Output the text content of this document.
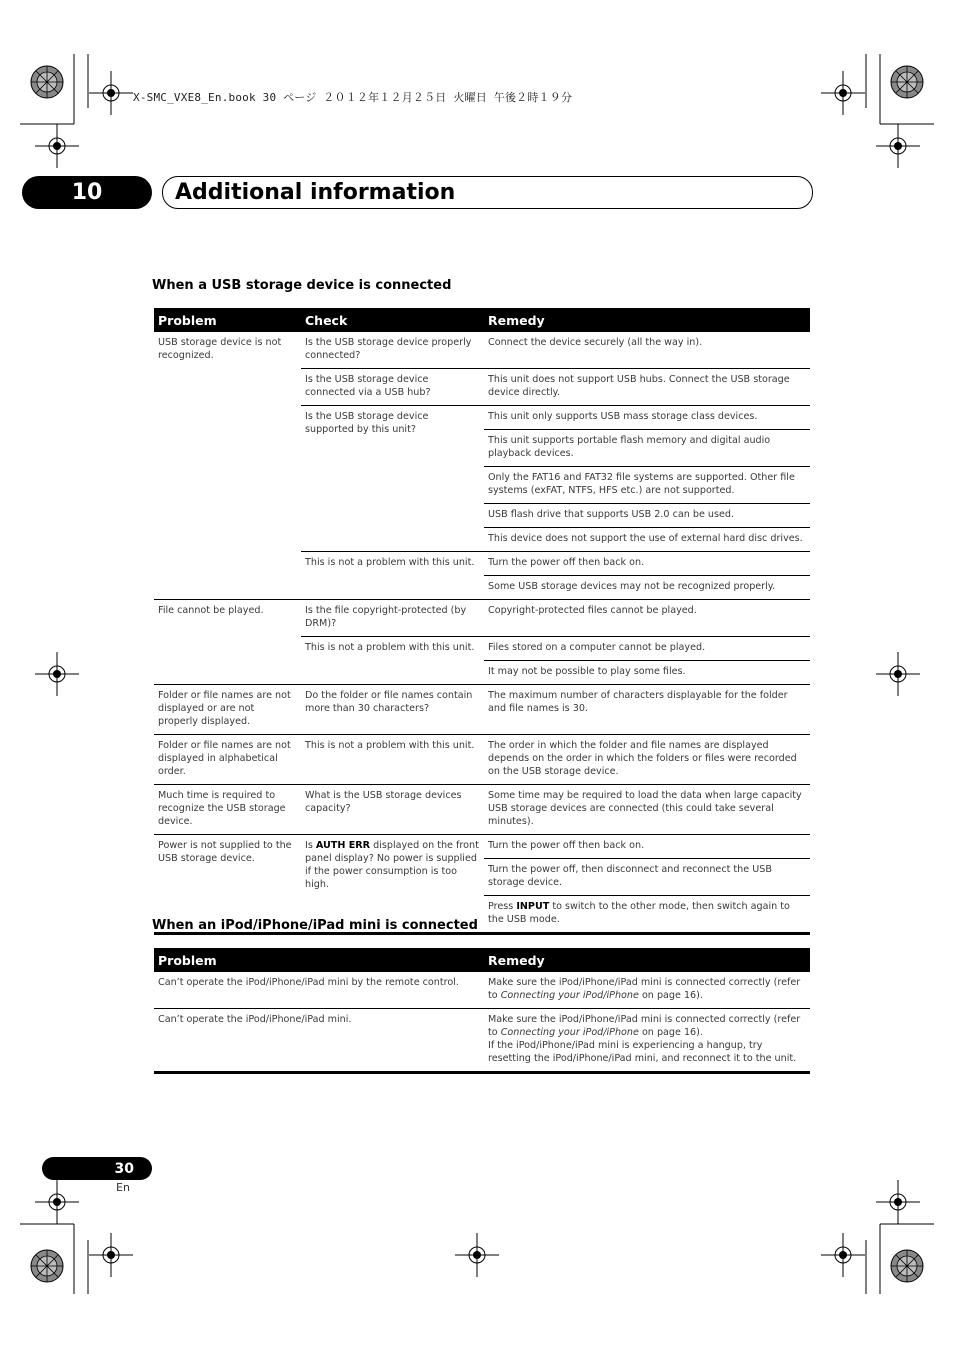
X-SMC_VXE8_En.book 30 ページ ２０１２年１２月２５日 火曜日 午後２時１９分
10	Additional information
When a USB storage device is connected
Problem	Check	Remedy
USB storage device is not recognized.	Is the USB storage device properly connected?	Connect the device securely (all the way in).
	Is the USB storage device connected via a USB hub?	This unit does not support USB hubs. Connect the USB storage device directly.
	Is the USB storage device supported by this unit?	This unit only supports USB mass storage class devices.
		This unit supports portable flash memory and digital audio playback devices.
		Only the FAT16 and FAT32 file systems are supported. Other file systems (exFAT, NTFS, HFS etc.) are not supported.
		USB flash drive that supports USB 2.0 can be used.
		This device does not support the use of external hard disc drives.
	This is not a problem with this unit.	Turn the power off then back on.
		Some USB storage devices may not be recognized properly.
File cannot be played.	Is the file copyright-protected (by DRM)?	Copyright-protected files cannot be played.
	This is not a problem with this unit.	Files stored on a computer cannot be played.
		It may not be possible to play some files.
Folder or file names are not displayed or are not properly displayed.	Do the folder or file names contain more than 30 characters?	The maximum number of characters displayable for the folder and file names is 30.
Folder or file names are not displayed in alphabetical order.	This is not a problem with this unit.	The order in which the folder and file names are displayed depends on the order in which the folders or files were recorded on the USB storage device.
Much time is required to recognize the USB storage device.	What is the USB storage devices capacity?	Some time may be required to load the data when large capacity USB storage devices are connected (this could take several minutes).
Power is not supplied to the USB storage device.	Is AUTH ERR displayed on the front panel display? No power is supplied if the power consumption is too high.	Turn the power off then back on.
		Turn the power off, then disconnect and reconnect the USB storage device.
		Press INPUT to switch to the other mode, then switch again to the USB mode.
When an iPod/iPhone/iPad mini is connected
Problem	Remedy
Can’t operate the iPod/iPhone/iPad mini by the remote control.	Make sure the iPod/iPhone/iPad mini is connected correctly (refer to Connecting your iPod/iPhone on page 16).
Can’t operate the iPod/iPhone/iPad mini.	Make sure the iPod/iPhone/iPad mini is connected correctly (refer to Connecting your iPod/iPhone on page 16).
If the iPod/iPhone/iPad mini is experiencing a hangup, try resetting the iPod/iPhone/iPad mini, and reconnect it to the unit.
30
En
